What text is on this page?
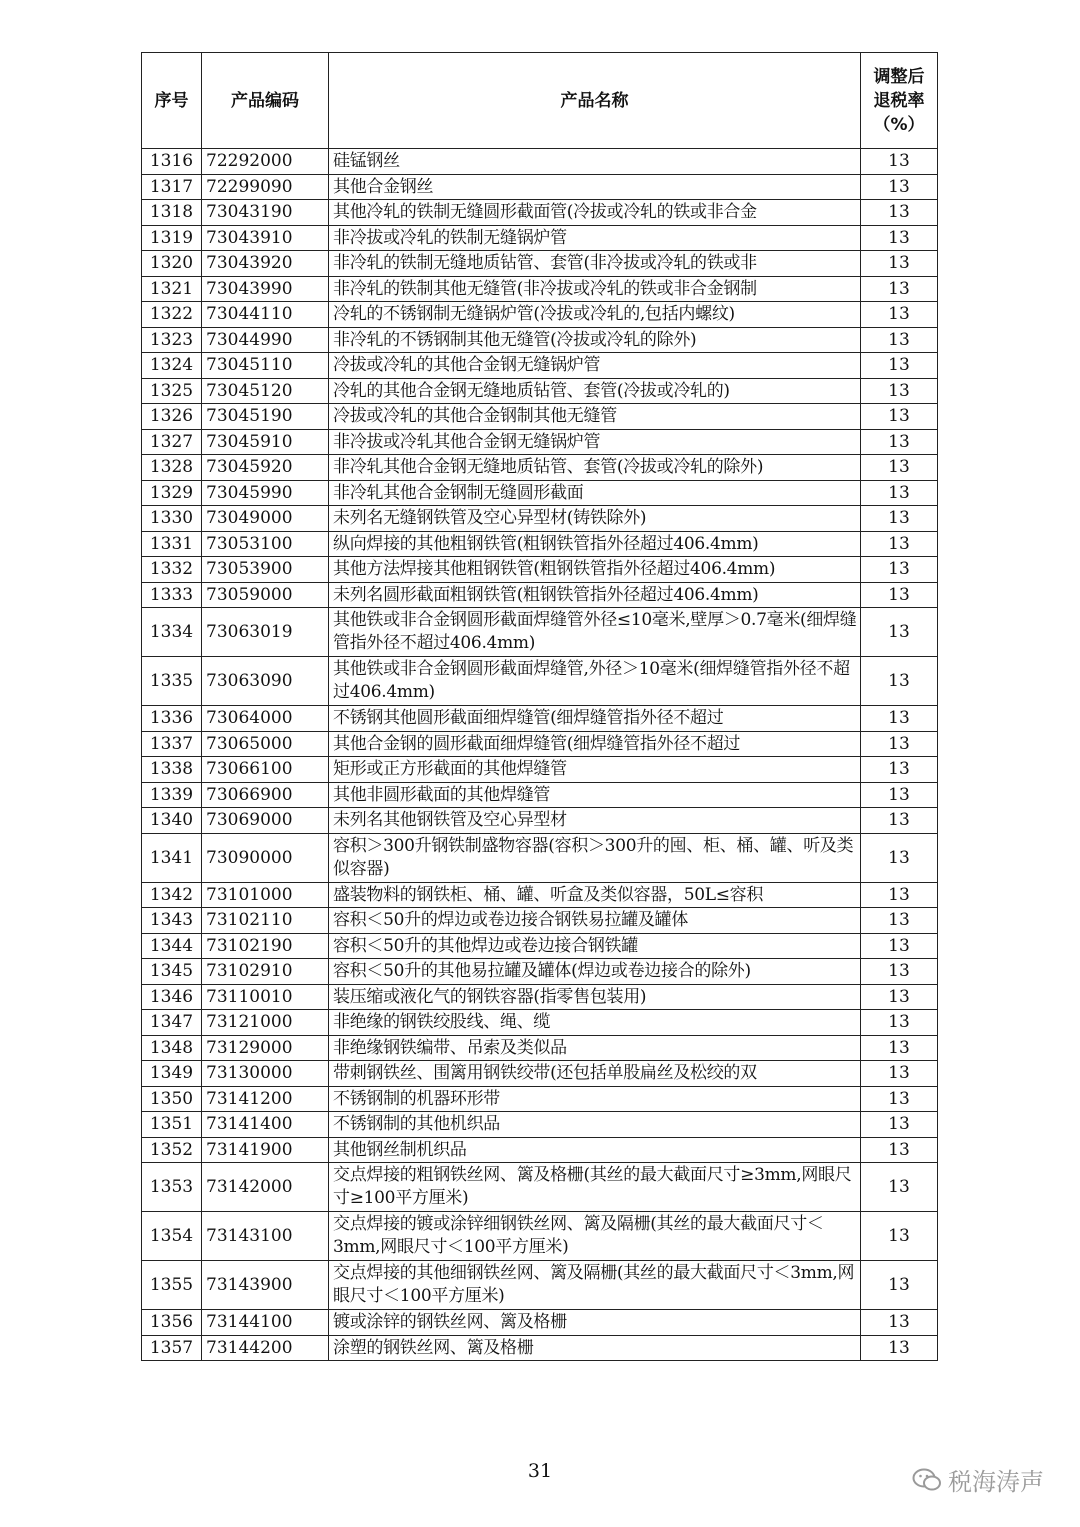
序号	产品编码	产品名称	调整后
退税率
（%）

1316	72292000	硅锰钢丝	13
1317	72299090	其他合金钢丝	13
1318	73043190	其他冷轧的铁制无缝圆形截面管(冷拔或冷轧的铁或非合金	13
1319	73043910	非冷拔或冷轧的铁制无缝锅炉管	13
1320	73043920	非冷轧的铁制无缝地质钻管、套管(非冷拔或冷轧的铁或非	13
1321	73043990	非冷轧的铁制其他无缝管(非冷拔或冷轧的铁或非合金钢制	13
1322	73044110	冷轧的不锈钢制无缝锅炉管(冷拔或冷轧的,包括内螺纹)	13
1323	73044990	非冷轧的不锈钢制其他无缝管(冷拔或冷轧的除外)	13
1324	73045110	冷拔或冷轧的其他合金钢无缝锅炉管	13
1325	73045120	冷轧的其他合金钢无缝地质钻管、套管(冷拔或冷轧的)	13
1326	73045190	冷拔或冷轧的其他合金钢制其他无缝管	13
1327	73045910	非冷拔或冷轧其他合金钢无缝锅炉管	13
1328	73045920	非冷轧其他合金钢无缝地质钻管、套管(冷拔或冷轧的除外)	13
1329	73045990	非冷轧其他合金钢制无缝圆形截面	13
1330	73049000	未列名无缝钢铁管及空心异型材(铸铁除外)	13
1331	73053100	纵向焊接的其他粗钢铁管(粗钢铁管指外径超过406.4mm)	13
1332	73053900	其他方法焊接其他粗钢铁管(粗钢铁管指外径超过406.4mm)	13
1333	73059000	未列名圆形截面粗钢铁管(粗钢铁管指外径超过406.4mm)	13
1334	73063019	其他铁或非合金钢圆形截面焊缝管外径≤10毫米,壁厚＞0.7毫米(细焊缝管指外径不超过406.4mm)	13
1335	73063090	其他铁或非合金钢圆形截面焊缝管,外径＞10毫米(细焊缝管指外径不超过406.4mm)	13
1336	73064000	不锈钢其他圆形截面细焊缝管(细焊缝管指外径不超过	13
1337	73065000	其他合金钢的圆形截面细焊缝管(细焊缝管指外径不超过	13
1338	73066100	矩形或正方形截面的其他焊缝管	13
1339	73066900	其他非圆形截面的其他焊缝管	13
1340	73069000	未列名其他钢铁管及空心异型材	13
1341	73090000	容积＞300升钢铁制盛物容器(容积＞300升的囤、柜、桶、罐、听及类似容器)	13
1342	73101000	盛装物料的钢铁柜、桶、罐、听盒及类似容器，50L≤容积	13
1343	73102110	容积＜50升的焊边或卷边接合钢铁易拉罐及罐体	13
1344	73102190	容积＜50升的其他焊边或卷边接合钢铁罐	13
1345	73102910	容积＜50升的其他易拉罐及罐体(焊边或卷边接合的除外)	13
1346	73110010	装压缩或液化气的钢铁容器(指零售包装用)	13
1347	73121000	非绝缘的钢铁绞股线、绳、缆	13
1348	73129000	非绝缘钢铁编带、吊索及类似品	13
1349	73130000	带刺钢铁丝、围篱用钢铁绞带(还包括单股扁丝及松绞的双	13
1350	73141200	不锈钢制的机器环形带	13
1351	73141400	不锈钢制的其他机织品	13
1352	73141900	其他钢丝制机织品	13
1353	73142000	交点焊接的粗钢铁丝网、篱及格栅(其丝的最大截面尺寸≥3mm,网眼尺寸≥100平方厘米)	13
1354	73143100	交点焊接的镀或涂锌细钢铁丝网、篱及隔栅(其丝的最大截面尺寸＜3mm,网眼尺寸＜100平方厘米)	13
1355	73143900	交点焊接的其他细钢铁丝网、篱及隔栅(其丝的最大截面尺寸＜3mm,网眼尺寸＜100平方厘米)	13
1356	73144100	镀或涂锌的钢铁丝网、篱及格栅	13
1357	73144200	涂塑的钢铁丝网、篱及格栅	13
31	税海涛声
